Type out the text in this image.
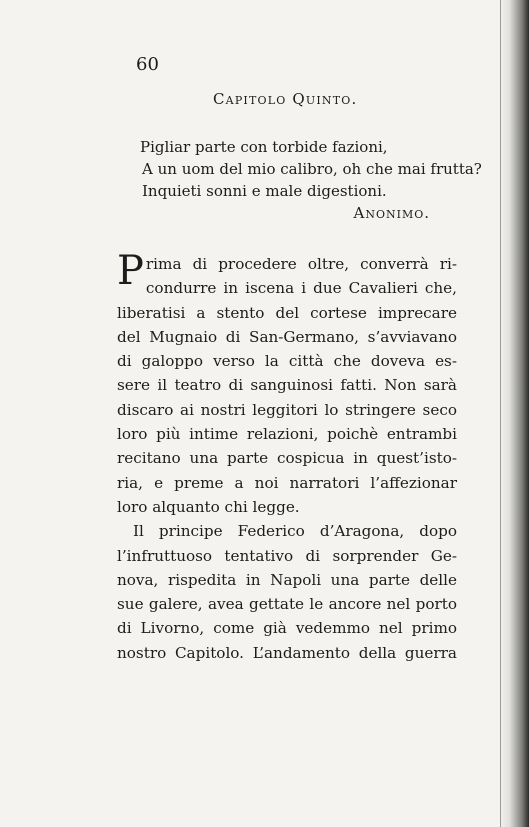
60
Capitolo Quinto.
Pigliar parte con torbide fazioni,
A un uom del mio calibro, oh che mai frutta?
Inquieti sonni e male digestioni.
Anonimo.
P rima di procedere oltre, converrà ri-
condurre in iscena i due Cavalieri che,
liberatisi a stento del cortese imprecare
del Mugnaio di San-Germano, s’avviavano
di galoppo verso la città che doveva es-
sere il teatro di sanguinosi fatti. Non sarà
discaro ai nostri leggitori lo stringere seco
loro più intime relazioni, poichè entrambi
recitano una parte cospicua in quest’isto-
ria, e preme a noi narratori l’affezionar
loro alquanto chi legge.
Il principe Federico d’Aragona, dopo
l’infruttuoso tentativo di sorprender Ge-
nova, rispedita in Napoli una parte delle
sue galere, avea gettate le ancore nel porto
di Livorno, come già vedemmo nel primo
nostro Capitolo. L’andamento della guerra
